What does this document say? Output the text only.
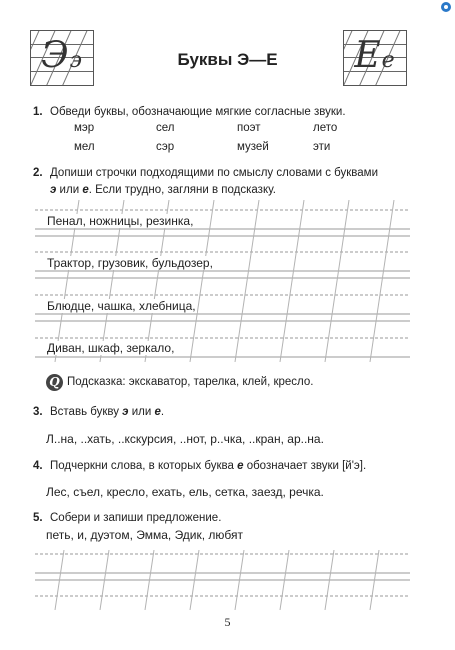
Ээ	Буквы Э—Е	Ее
1. Обведи буквы, обозначающие мягкие согласные звуки.
мэр	сел	поэт	лето
мел	сэр	музей	эти
2. Допиши строчки подходящими по смыслу словами с буквами
э или е. Если трудно, загляни в подсказку.
Пенал, ножницы, резинка,
Трактор, грузовик, бульдозер,
Блюдце, чашка, хлебница,
Диван, шкаф, зеркало,
Q Подсказка: экскаватор, тарелка, клей, кресло.
3. Вставь букву э или е.
Л..на, ..хать, ..кскурсия, ..нот, р..чка, ..кран, ар..на.
4. Подчеркни слова, в которых буква е обозначает звуки [й'э].
Лес, съел, кресло, ехать, ель, сетка, заезд, речка.
5. Собери и запиши предложение.
петь, и, дуэтом, Эмма, Эдик, любят
5
